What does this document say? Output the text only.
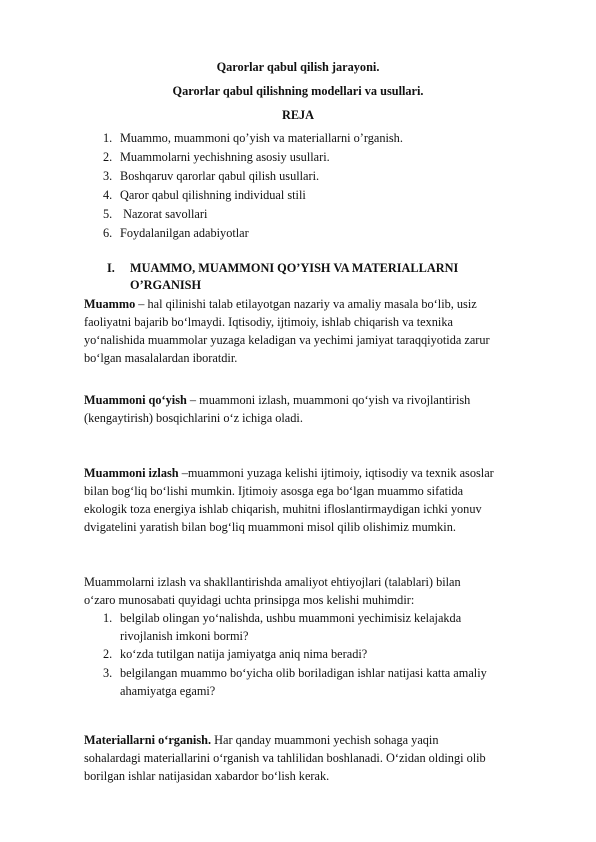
Qarorlar qabul qilish jarayoni.
Qarorlar qabul qilishning modellari va usullari.
REJA
1. Muammo, muammoni qo’yish va materiallarni o’rganish.
2. Muammolarni yechishning asosiy usullari.
3. Boshqaruv qarorlar qabul qilish usullari.
4. Qaror qabul qilishning individual stili
5. Nazorat savollari
6. Foydalanilgan adabiyotlar
I. MUAMMO, MUAMMONI QO’YISH VA MATERIALLARNI
O’RGANISH
Muammo – hal qilinishi talab etilayotgan nazariy va amaliy masala bo‘lib, usiz
faoliyatni bajarib bo‘lmaydi. Iqtisodiy, ijtimoiy, ishlab chiqarish va texnika
yo‘nalishida muammolar yuzaga keladigan va yechimi jamiyat taraqqiyotida zarur
bo‘lgan masalalardan iboratdir.
Muammoni qo‘yish – muammoni izlash, muammoni qo‘yish va rivojlantirish
(kengaytirish) bosqichlarini o‘z ichiga oladi.
Muammoni izlash –muammoni yuzaga kelishi ijtimoiy, iqtisodiy va texnik asoslar
bilan bog‘liq bo‘lishi mumkin. Ijtimoiy asosga ega bo‘lgan muammo sifatida
ekologik toza energiya ishlab chiqarish, muhitni ifloslantirmaydigan ichki yonuv
dvigatelini yaratish bilan bog‘liq muammoni misol qilib olishimiz mumkin.
Muammolarni izlash va shakllantirishda amaliyot ehtiyojlari (talablari) bilan
o‘zaro munosabati quyidagi uchta prinsipga mos kelishi muhimdir:
1. belgilab olingan yo‘nalishda, ushbu muammoni yechimisiz kelajakda
rivojlanish imkoni bormi?
2. ko‘zda tutilgan natija jamiyatga aniq nima beradi?
3. belgilangan muammo bo‘yicha olib boriladigan ishlar natijasi katta amaliy
ahamiyatga egami?
Materiallarni o‘rganish. Har qanday muammoni yechish sohaga yaqin
sohalardagi materiallarini o‘rganish va tahlilidan boshlanadi. O‘zidan oldingi olib
borilgan ishlar natijasidan xabardor bo‘lish kerak.
